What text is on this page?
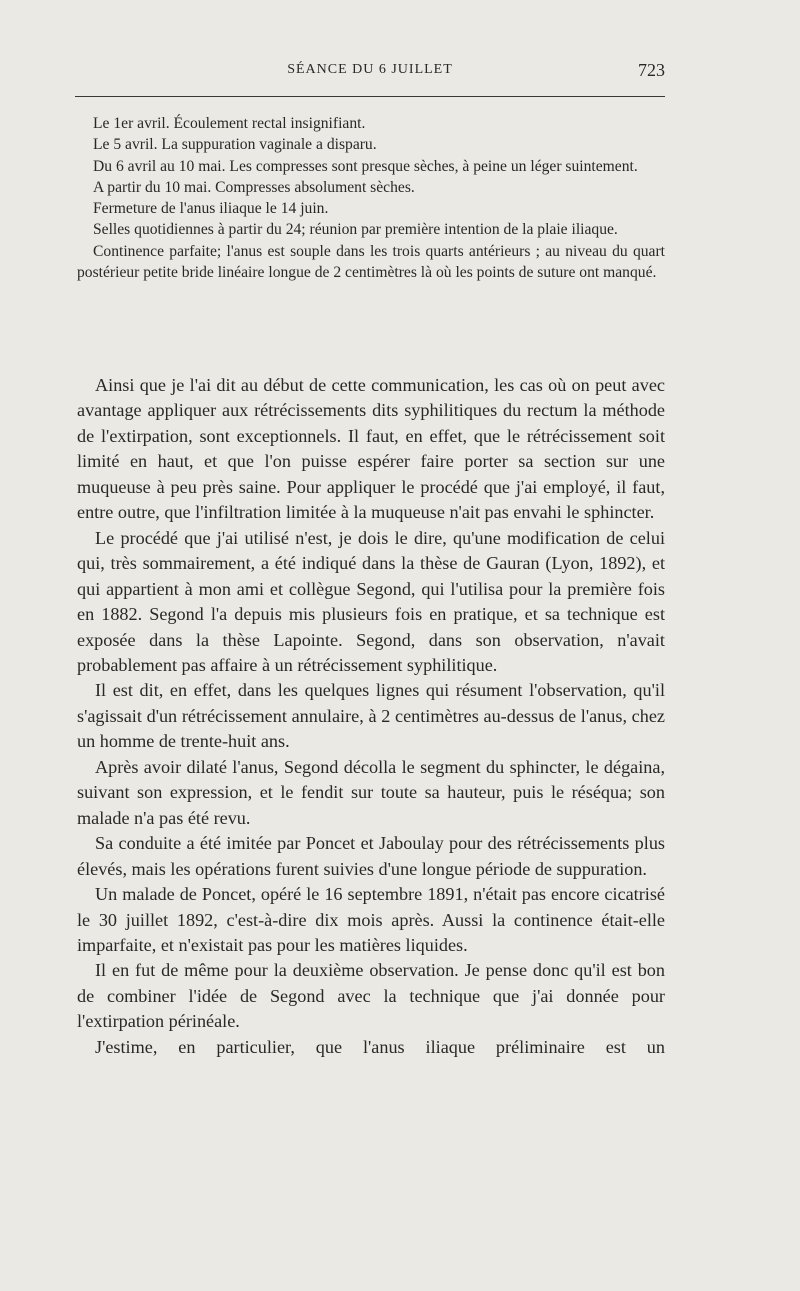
SÉANCE DU 6 JUILLET	723

Le 1er avril. Écoulement rectal insignifiant.

Le 5 avril. La suppuration vaginale a disparu.

Du 6 avril au 10 mai. Les compresses sont presque sèches, à peine un léger suintement.

A partir du 10 mai. Compresses absolument sèches.

Fermeture de l'anus iliaque le 14 juin.

Selles quotidiennes à partir du 24; réunion par première intention de la plaie iliaque.

Continence parfaite; l'anus est souple dans les trois quarts antérieurs ; au niveau du quart postérieur petite bride linéaire longue de 2 centimètres là où les points de suture ont manqué.

Ainsi que je l'ai dit au début de cette communication, les cas où on peut avec avantage appliquer aux rétrécissements dits syphilitiques du rectum la méthode de l'extirpation, sont exceptionnels. Il faut, en effet, que le rétrécissement soit limité en haut, et que l'on puisse espérer faire porter sa section sur une muqueuse à peu près saine. Pour appliquer le procédé que j'ai employé, il faut, entre outre, que l'infiltration limitée à la muqueuse n'ait pas envahi le sphincter.

Le procédé que j'ai utilisé n'est, je dois le dire, qu'une modification de celui qui, très sommairement, a été indiqué dans la thèse de Gauran (Lyon, 1892), et qui appartient à mon ami et collègue Segond, qui l'utilisa pour la première fois en 1882. Segond l'a depuis mis plusieurs fois en pratique, et sa technique est exposée dans la thèse Lapointe. Segond, dans son observation, n'avait probablement pas affaire à un rétrécissement syphilitique.

Il est dit, en effet, dans les quelques lignes qui résument l'observation, qu'il s'agissait d'un rétrécissement annulaire, à 2 centimètres au-dessus de l'anus, chez un homme de trente-huit ans.

Après avoir dilaté l'anus, Segond décolla le segment du sphincter, le dégaina, suivant son expression, et le fendit sur toute sa hauteur, puis le réséqua; son malade n'a pas été revu.

Sa conduite a été imitée par Poncet et Jaboulay pour des rétrécissements plus élevés, mais les opérations furent suivies d'une longue période de suppuration.

Un malade de Poncet, opéré le 16 septembre 1891, n'était pas encore cicatrisé le 30 juillet 1892, c'est-à-dire dix mois après. Aussi la continence était-elle imparfaite, et n'existait pas pour les matières liquides.

Il en fut de même pour la deuxième observation. Je pense donc qu'il est bon de combiner l'idée de Segond avec la technique que j'ai donnée pour l'extirpation périnéale.

J'estime, en particulier, que l'anus iliaque préliminaire est un
